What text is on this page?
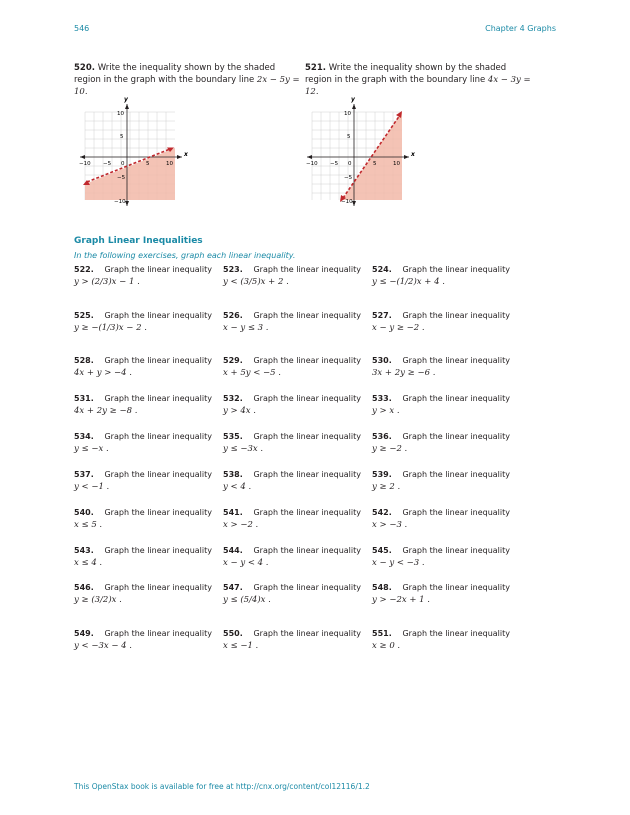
546	Chapter 4 Graphs
520. Write the inequality shown by the shaded region in the graph with the boundary line 2x − 5y = 10.
521. Write the inequality shown by the shaded region in the graph with the boundary line 4x − 3y = 12.
x
y
−10 −5 0	5	10
10
5
−5
−10
x
y
−10 −5 0	5	10
10
5
−5
−10
Graph Linear Inequalities
In the following exercises, graph each linear inequality.
522. Graph the linear inequality
y > (2/3)x − 1 .
523. Graph the linear inequality
y < (3/5)x + 2 .
524. Graph the linear inequality
y ≤ −(1/2)x + 4 .
525. Graph the linear inequality
y ≥ −(1/3)x − 2 .
526. Graph the linear inequality
x − y ≤ 3 .
527. Graph the linear inequality
x − y ≥ −2 .
528. Graph the linear inequality
4x + y > −4 .
529. Graph the linear inequality
x + 5y < −5 .
530. Graph the linear inequality
3x + 2y ≥ −6 .
531. Graph the linear inequality
4x + 2y ≥ −8 .
532. Graph the linear inequality
y > 4x .
533. Graph the linear inequality
y > x .
534. Graph the linear inequality
y ≤ −x .
535. Graph the linear inequality
y ≤ −3x .
536. Graph the linear inequality
y ≥ −2 .
537. Graph the linear inequality
y < −1 .
538. Graph the linear inequality
y < 4 .
539. Graph the linear inequality
y ≥ 2 .
540. Graph the linear inequality
x ≤ 5 .
541. Graph the linear inequality
x > −2 .
542. Graph the linear inequality
x > −3 .
543. Graph the linear inequality
x ≤ 4 .
544. Graph the linear inequality
x − y < 4 .
545. Graph the linear inequality
x − y < −3 .
546. Graph the linear inequality
y ≥ (3/2)x .
547. Graph the linear inequality
y ≤ (5/4)x .
548. Graph the linear inequality
y > −2x + 1 .
549. Graph the linear inequality
y < −3x − 4 .
550. Graph the linear inequality
x ≤ −1 .
551. Graph the linear inequality
x ≥ 0 .
This OpenStax book is available for free at http://cnx.org/content/col12116/1.2
